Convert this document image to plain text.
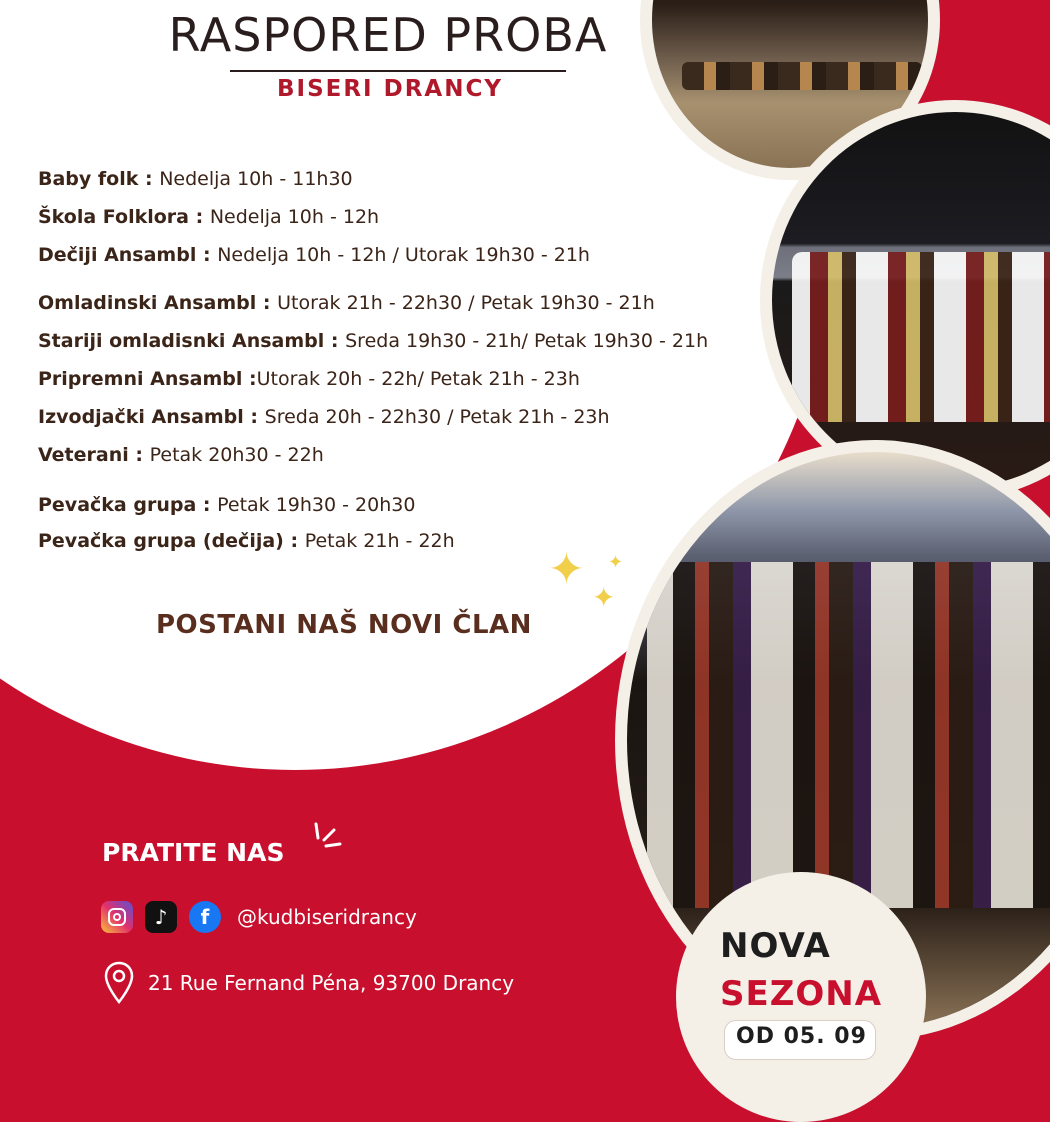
RASPORED PROBA
BISERI DRANCY
Baby folk : Nedelja 10h - 11h30
Škola Folklora : Nedelja 10h - 12h
Dečiji Ansambl : Nedelja 10h - 12h / Utorak 19h30 - 21h
Omladinski Ansambl : Utorak 21h - 22h30 / Petak 19h30 - 21h
Stariji omladisnki Ansambl : Sreda 19h30 - 21h/ Petak 19h30 - 21h
Pripremni Ansambl :Utorak 20h - 22h/ Petak 21h - 23h
Izvodjački Ansambl : Sreda 20h - 22h30 / Petak 21h - 23h
Veterani : Petak 20h30 - 22h
Pevačka grupa : Petak 19h30 - 20h30
Pevačka grupa (dečija) : Petak 21h - 22h
✦
✦
✦
POSTANI NAŠ NOVI ČLAN
PRATITE NAS
♪	f	@kudbiseridrancy
21 Rue Fernand Péna, 93700 Drancy
NOVA
SEZONA
OD 05. 09
